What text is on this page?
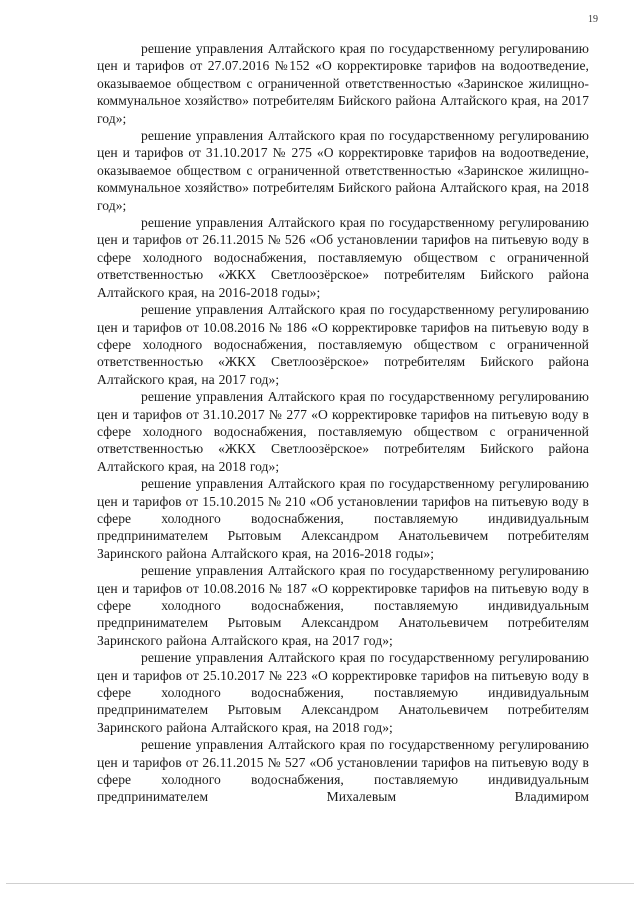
19

решение управления Алтайского края по государственному регулированию цен и тарифов от 27.07.2016 №152 «О корректировке тарифов на водоотведение, оказываемое обществом с ограниченной ответственностью «Заринское жилищно-коммунальное хозяйство» потребителям Бийского района Алтайского края, на 2017 год»;

решение управления Алтайского края по государственному регулированию цен и тарифов от 31.10.2017 № 275 «О корректировке тарифов на водоотведение, оказываемое обществом с ограниченной ответственностью «Заринское жилищно-коммунальное хозяйство» потребителям Бийского района Алтайского края, на 2018 год»;

решение управления Алтайского края по государственному регулированию цен и тарифов от 26.11.2015 № 526 «Об установлении тарифов на питьевую воду в сфере холодного водоснабжения, поставляемую обществом с ограниченной ответственностью «ЖКХ Светлоозёрское» потребителям Бийского района Алтайского края, на 2016-2018 годы»;

решение управления Алтайского края по государственному регулированию цен и тарифов от 10.08.2016 № 186 «О корректировке тарифов на питьевую воду в сфере холодного водоснабжения, поставляемую обществом с ограниченной ответственностью «ЖКХ Светлоозёрское» потребителям Бийского района Алтайского края, на 2017 год»;

решение управления Алтайского края по государственному регулированию цен и тарифов от 31.10.2017 № 277 «О корректировке тарифов на питьевую воду в сфере холодного водоснабжения, поставляемую обществом с ограниченной ответственностью «ЖКХ Светлоозёрское» потребителям Бийского района Алтайского края, на 2018 год»;

решение управления Алтайского края по государственному регулированию цен и тарифов от 15.10.2015 № 210 «Об установлении тарифов на питьевую воду в сфере холодного водоснабжения, поставляемую индивидуальным предпринимателем Рытовым Александром Анатольевичем потребителям Заринского района Алтайского края, на 2016-2018 годы»;

решение управления Алтайского края по государственному регулированию цен и тарифов от 10.08.2016 № 187 «О корректировке тарифов на питьевую воду в сфере холодного водоснабжения, поставляемую индивидуальным предпринимателем Рытовым Александром Анатольевичем потребителям Заринского района Алтайского края, на 2017 год»;

решение управления Алтайского края по государственному регулированию цен и тарифов от 25.10.2017 № 223 «О корректировке тарифов на питьевую воду в сфере холодного водоснабжения, поставляемую индивидуальным предпринимателем Рытовым Александром Анатольевичем потребителям Заринского района Алтайского края, на 2018 год»;

решение управления Алтайского края по государственному регулированию цен и тарифов от 26.11.2015 № 527 «Об установлении тарифов на питьевую воду в сфере холодного водоснабжения, поставляемую индивидуальным предпринимателем Михалевым Владимиром
